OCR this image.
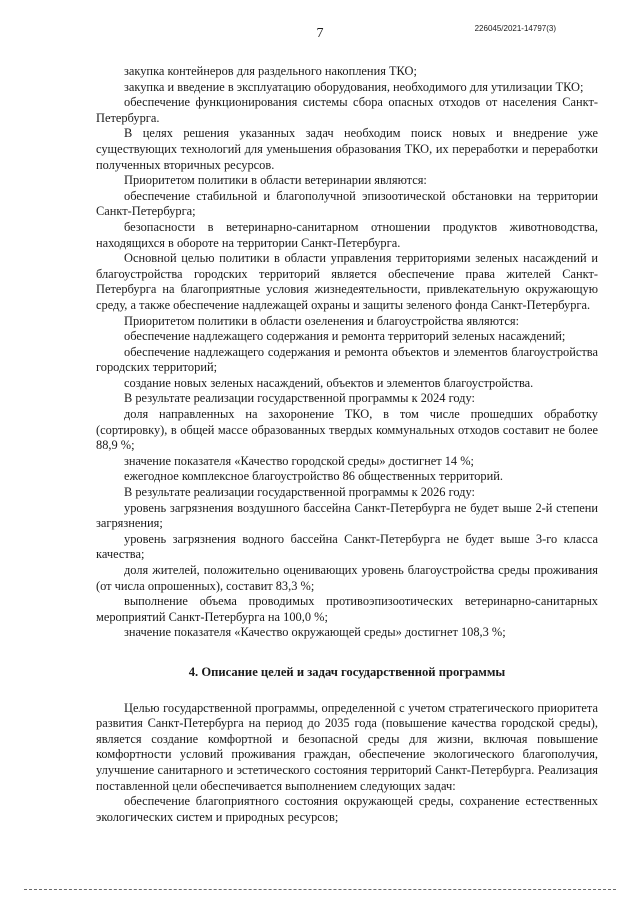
7	226045/2021-14797(3)

закупка контейнеров для раздельного накопления ТКО;

закупка и введение в эксплуатацию оборудования, необходимого для утилизации ТКО;

обеспечение функционирования системы сбора опасных отходов от населения Санкт-Петербурга.

В целях решения указанных задач необходим поиск новых и внедрение уже существующих технологий для уменьшения образования ТКО, их переработки и переработки полученных вторичных ресурсов.

Приоритетом политики в области ветеринарии являются:

обеспечение стабильной и благополучной эпизоотической обстановки на территории Санкт-Петербурга;

безопасности в ветеринарно-санитарном отношении продуктов животноводства, находящихся в обороте на территории Санкт-Петербурга.

Основной целью политики в области управления территориями зеленых насаждений и благоустройства городских территорий является обеспечение права жителей Санкт-Петербурга на благоприятные условия жизнедеятельности, привлекательную окружающую среду, а также обеспечение надлежащей охраны и защиты зеленого фонда Санкт-Петербурга.

Приоритетом политики в области озеленения и благоустройства являются:

обеспечение надлежащего содержания и ремонта территорий зеленых насаждений;

обеспечение надлежащего содержания и ремонта объектов и элементов благоустройства городских территорий;

создание новых зеленых насаждений, объектов и элементов благоустройства.

В результате реализации государственной программы к 2024 году:

доля направленных на захоронение ТКО, в том числе прошедших обработку (сортировку), в общей массе образованных твердых коммунальных отходов составит не более 88,9 %;

значение показателя «Качество городской среды» достигнет 14 %;

ежегодное комплексное благоустройство 86 общественных территорий.

В результате реализации государственной программы к 2026 году:

уровень загрязнения воздушного бассейна Санкт-Петербурга не будет выше 2-й степени загрязнения;

уровень загрязнения водного бассейна Санкт-Петербурга не будет выше 3-го класса качества;

доля жителей, положительно оценивающих уровень благоустройства среды проживания (от числа опрошенных), составит 83,3 %;

выполнение объема проводимых противоэпизоотических ветеринарно-санитарных мероприятий Санкт-Петербурга на 100,0 %;

значение показателя «Качество окружающей среды» достигнет 108,3 %;

4. Описание целей и задач государственной программы

Целью государственной программы, определенной с учетом стратегического приоритета развития Санкт-Петербурга на период до 2035 года (повышение качества городской среды), является создание комфортной и безопасной среды для жизни, включая повышение комфортности условий проживания граждан, обеспечение экологического благополучия, улучшение санитарного и эстетического состояния территорий Санкт-Петербурга. Реализация поставленной цели обеспечивается выполнением следующих задач:

обеспечение благоприятного состояния окружающей среды, сохранение естественных экологических систем и природных ресурсов;
